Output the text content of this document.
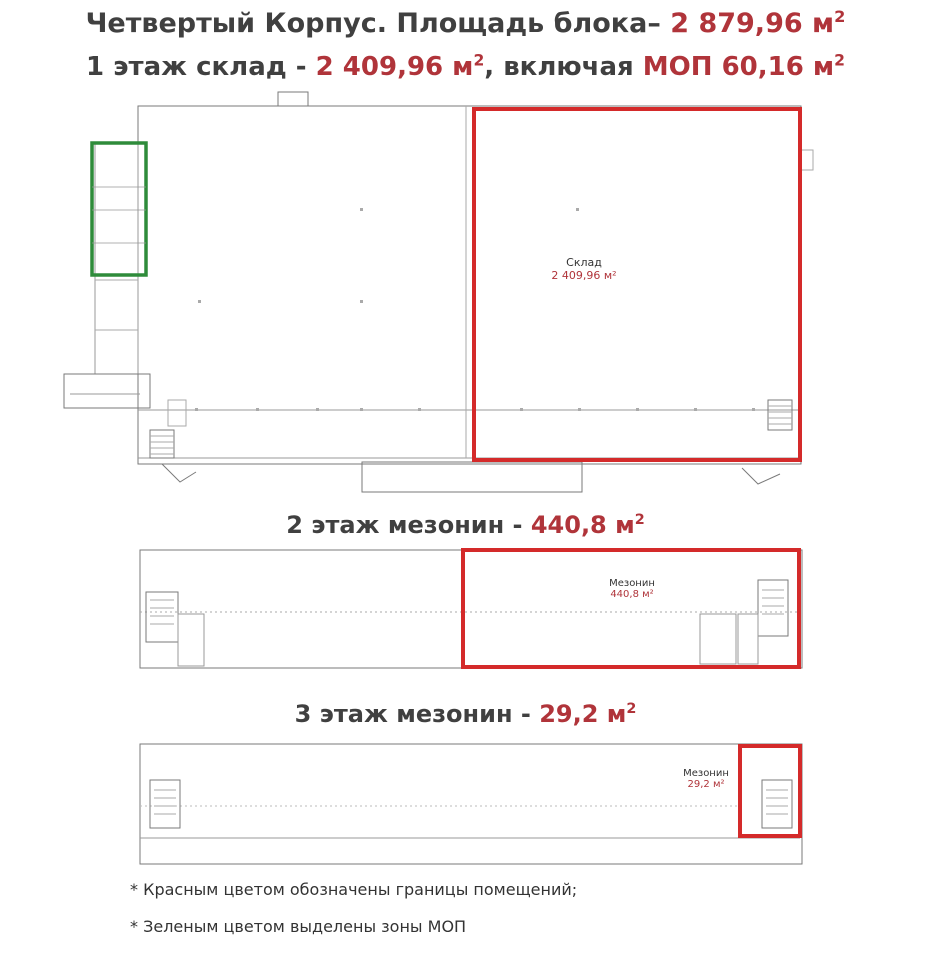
Четвертый Корпус. Площадь блока– 2 879,96 $м^2$
1 этаж склад - 2 409,96 $м^2$, включая МОП 60,16 $м^2$
Склад
2 409,96 м²
2 этаж мезонин - 440,8 $м^2$
Мезонин
440,8 м²
3 этаж мезонин - 29,2 $м^2$
Мезонин
29,2 м²
* Красным цветом обозначены границы помещений;
* Зеленым цветом выделены зоны МОП
